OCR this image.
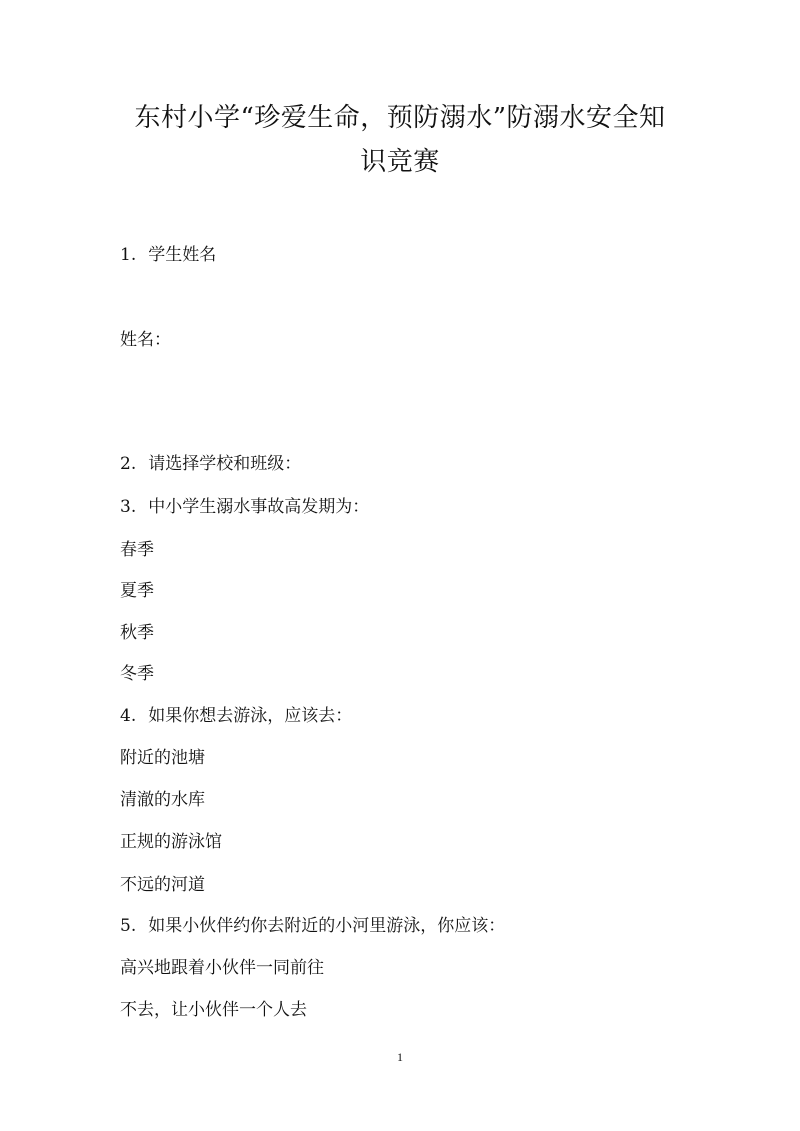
东村小学“珍爱生命，预防溺水”防溺水安全知
识竞赛
1. 学生姓名
姓名：
2. 请选择学校和班级：
3. 中小学生溺水事故高发期为：
春季
夏季
秋季
冬季
4. 如果你想去游泳，应该去：
附近的池塘
清澈的水库
正规的游泳馆
不远的河道
5. 如果小伙伴约你去附近的小河里游泳，你应该：
高兴地跟着小伙伴一同前往
不去，让小伙伴一个人去
1
